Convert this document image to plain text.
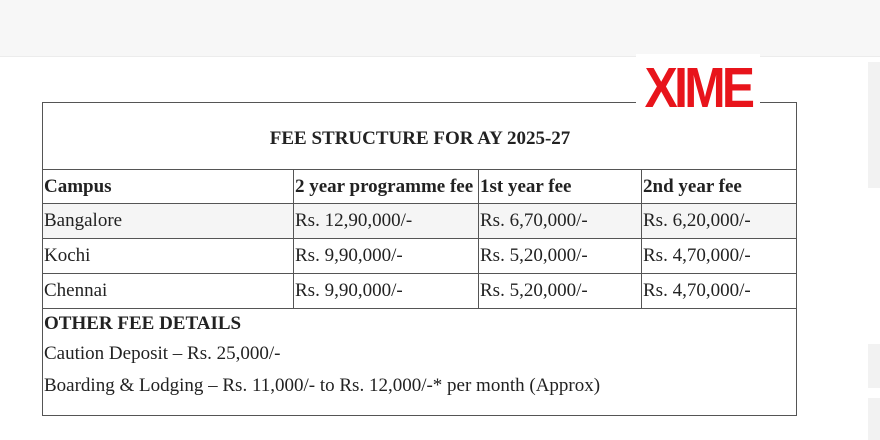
FEE STRUCTURE FOR AY 2025-27			
Campus	2 year programme fee	1st year fee	2nd year fee
Bangalore	Rs. 12,90,000/-	Rs. 6,70,000/-	Rs. 6,20,000/-
Kochi	Rs. 9,90,000/-	Rs. 5,20,000/-	Rs. 4,70,000/-
Chennai	Rs. 9,90,000/-	Rs. 5,20,000/-	Rs. 4,70,000/-

OTHER FEE DETAILS
Caution Deposit – Rs. 25,000/-
Boarding & Lodging – Rs. 11,000/- to Rs. 12,000/-* per month (Approx)			
XIME
